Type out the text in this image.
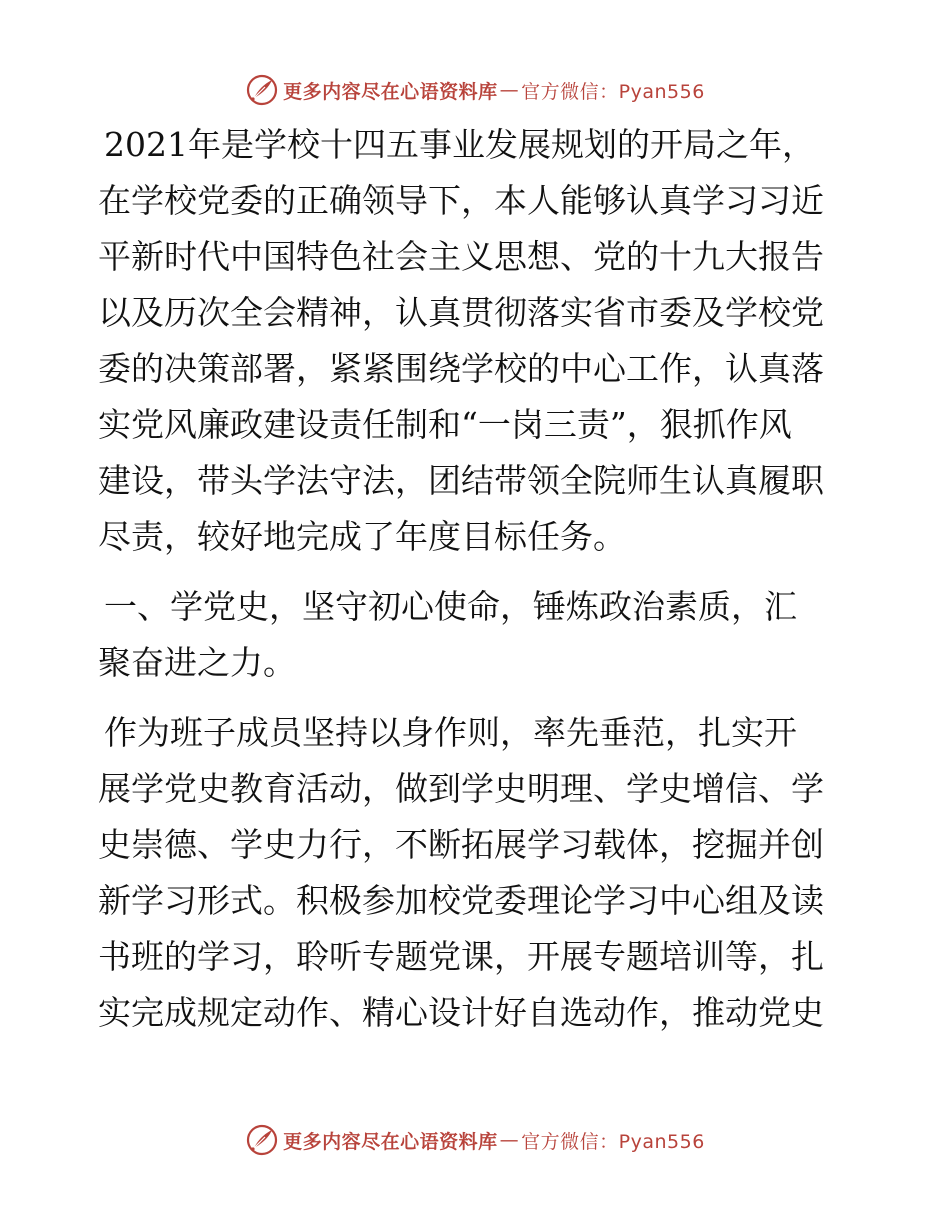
更多内容尽在心语资料库 — 官方微信：Pyan556
2021年是学校十四五事业发展规划的开局之年，
在学校党委的正确领导下，本人能够认真学习习近
平新时代中国特色社会主义思想、党的十九大报告
以及历次全会精神，认真贯彻落实省市委及学校党
委的决策部署，紧紧围绕学校的中心工作，认真落
实党风廉政建设责任制和“一岗三责”，狠抓作风
建设，带头学法守法，团结带领全院师生认真履职
尽责，较好地完成了年度目标任务。
一、学党史，坚守初心使命，锤炼政治素质，汇
聚奋进之力。
作为班子成员坚持以身作则，率先垂范，扎实开
展学党史教育活动，做到学史明理、学史增信、学
史崇德、学史力行，不断拓展学习载体，挖掘并创
新学习形式。积极参加校党委理论学习中心组及读
书班的学习，聆听专题党课，开展专题培训等，扎
实完成规定动作、精心设计好自选动作，推动党史
更多内容尽在心语资料库 — 官方微信：Pyan556
